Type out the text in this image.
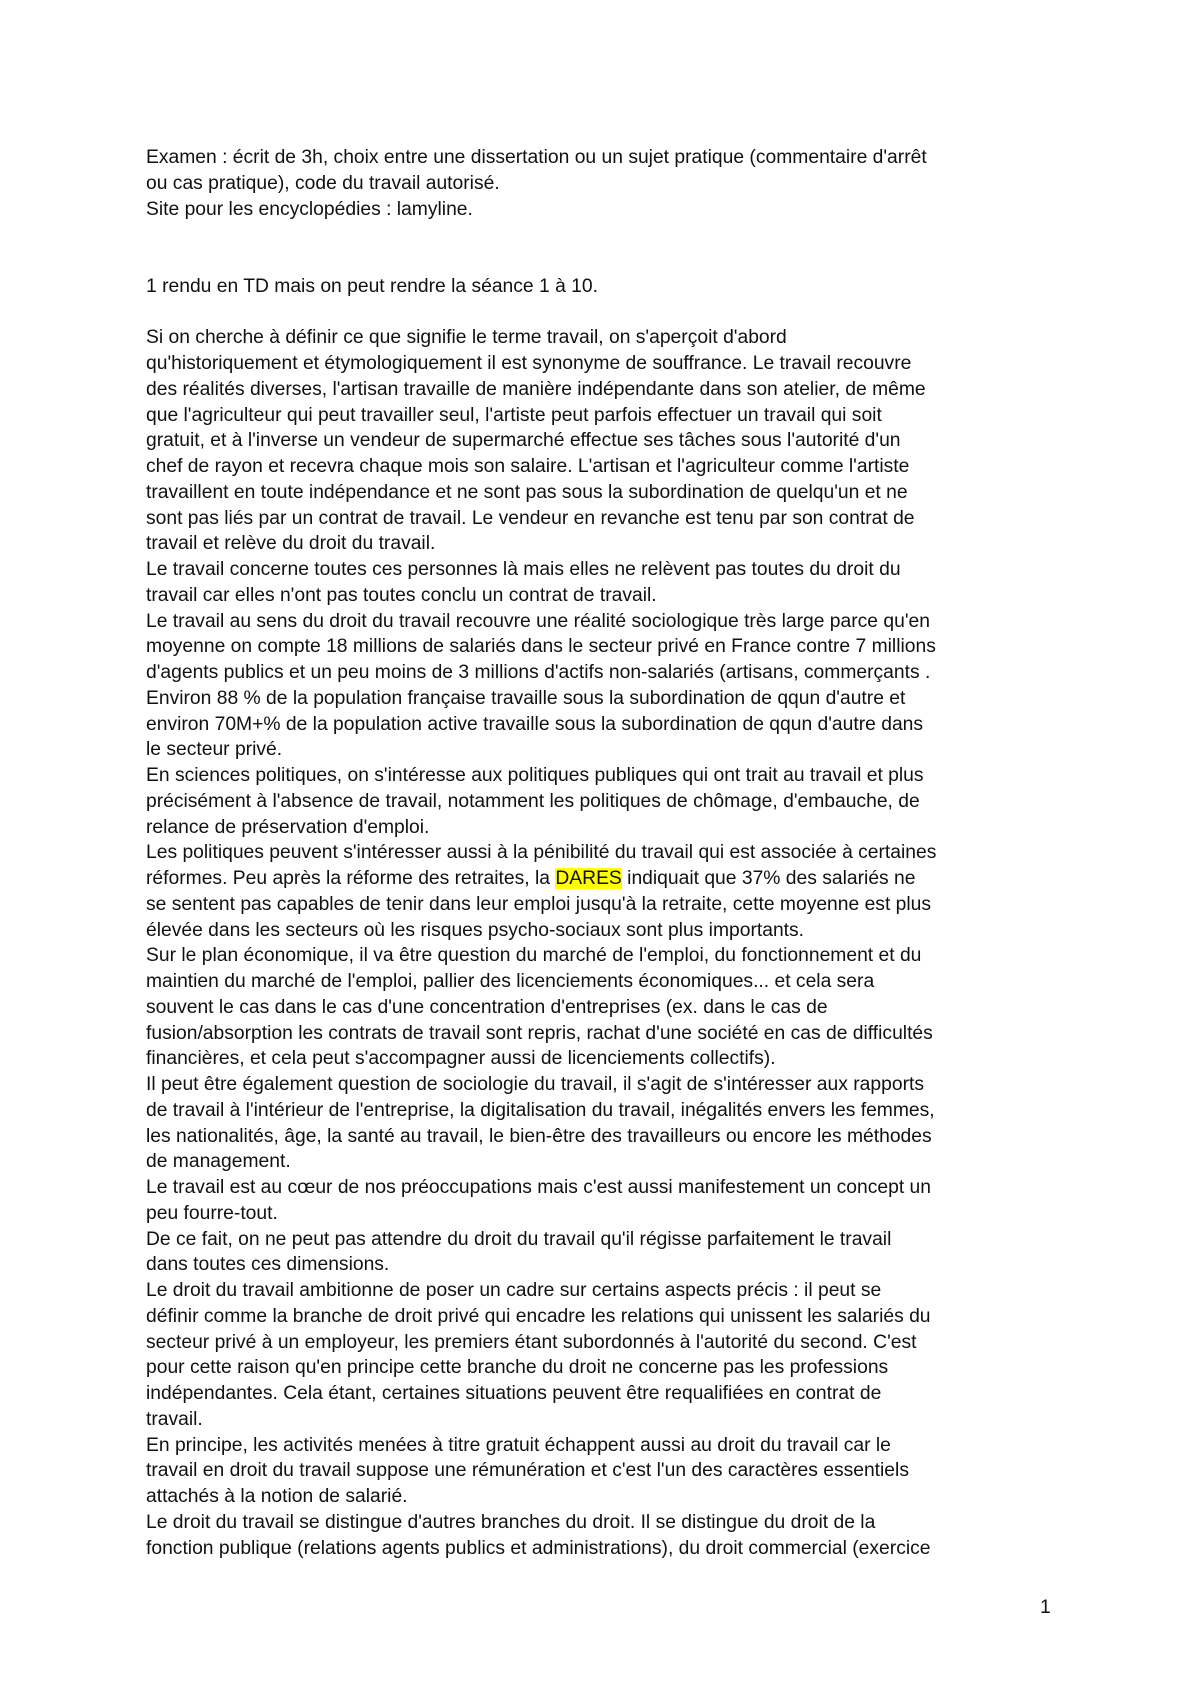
Examen : écrit de 3h, choix entre une dissertation ou un sujet pratique (commentaire d'arrêt
ou cas pratique), code du travail autorisé.
Site pour les encyclopédies : lamyline.
1 rendu en TD mais on peut rendre la séance 1 à 10.
Si on cherche à définir ce que signifie le terme travail, on s'aperçoit d'abord
qu'historiquement et étymologiquement il est synonyme de souffrance. Le travail recouvre
des réalités diverses, l'artisan travaille de manière indépendante dans son atelier, de même
que l'agriculteur qui peut travailler seul, l'artiste peut parfois effectuer un travail qui soit
gratuit, et à l'inverse un vendeur de supermarché effectue ses tâches sous l'autorité d'un
chef de rayon et recevra chaque mois son salaire. L'artisan et l'agriculteur comme l'artiste
travaillent en toute indépendance et ne sont pas sous la subordination de quelqu'un et ne
sont pas liés par un contrat de travail. Le vendeur en revanche est tenu par son contrat de
travail et relève du droit du travail.
Le travail concerne toutes ces personnes là mais elles ne relèvent pas toutes du droit du
travail car elles n'ont pas toutes conclu un contrat de travail.
Le travail au sens du droit du travail recouvre une réalité sociologique très large parce qu'en
moyenne on compte 18 millions de salariés dans le secteur privé en France contre 7 millions
d'agents publics et un peu moins de 3 millions d'actifs non-salariés (artisans, commerçants .
Environ 88 % de la population française travaille sous la subordination de qqun d'autre et
environ 70M+% de la population active travaille sous la subordination de qqun d'autre dans
le secteur privé.
En sciences politiques, on s'intéresse aux politiques publiques qui ont trait au travail et plus
précisément à l'absence de travail, notamment les politiques de chômage, d'embauche, de
relance de préservation d'emploi.
Les politiques peuvent s'intéresser aussi à la pénibilité du travail qui est associée à certaines
réformes. Peu après la réforme des retraites, la DARES indiquait que 37% des salariés ne
se sentent pas capables de tenir dans leur emploi jusqu'à la retraite, cette moyenne est plus
élevée dans les secteurs où les risques psycho-sociaux sont plus importants.
Sur le plan économique, il va être question du marché de l'emploi, du fonctionnement et du
maintien du marché de l'emploi, pallier des licenciements économiques... et cela sera
souvent le cas dans le cas d'une concentration d'entreprises (ex. dans le cas de
fusion/absorption les contrats de travail sont repris, rachat d'une société en cas de difficultés
financières, et cela peut s'accompagner aussi de licenciements collectifs).
Il peut être également question de sociologie du travail, il s'agit de s'intéresser aux rapports
de travail à l'intérieur de l'entreprise, la digitalisation du travail, inégalités envers les femmes,
les nationalités, âge, la santé au travail, le bien-être des travailleurs ou encore les méthodes
de management.
Le travail est au cœur de nos préoccupations mais c'est aussi manifestement un concept un
peu fourre-tout.
De ce fait, on ne peut pas attendre du droit du travail qu'il régisse parfaitement le travail
dans toutes ces dimensions.
Le droit du travail ambitionne de poser un cadre sur certains aspects précis : il peut se
définir comme la branche de droit privé qui encadre les relations qui unissent les salariés du
secteur privé à un employeur, les premiers étant subordonnés à l'autorité du second. C'est
pour cette raison qu'en principe cette branche du droit ne concerne pas les professions
indépendantes. Cela étant, certaines situations peuvent être requalifiées en contrat de
travail.
En principe, les activités menées à titre gratuit échappent aussi au droit du travail car le
travail en droit du travail suppose une rémunération et c'est l'un des caractères essentiels
attachés à la notion de salarié.
Le droit du travail se distingue d'autres branches du droit. Il se distingue du droit de la
fonction publique (relations agents publics et administrations), du droit commercial (exercice
1
